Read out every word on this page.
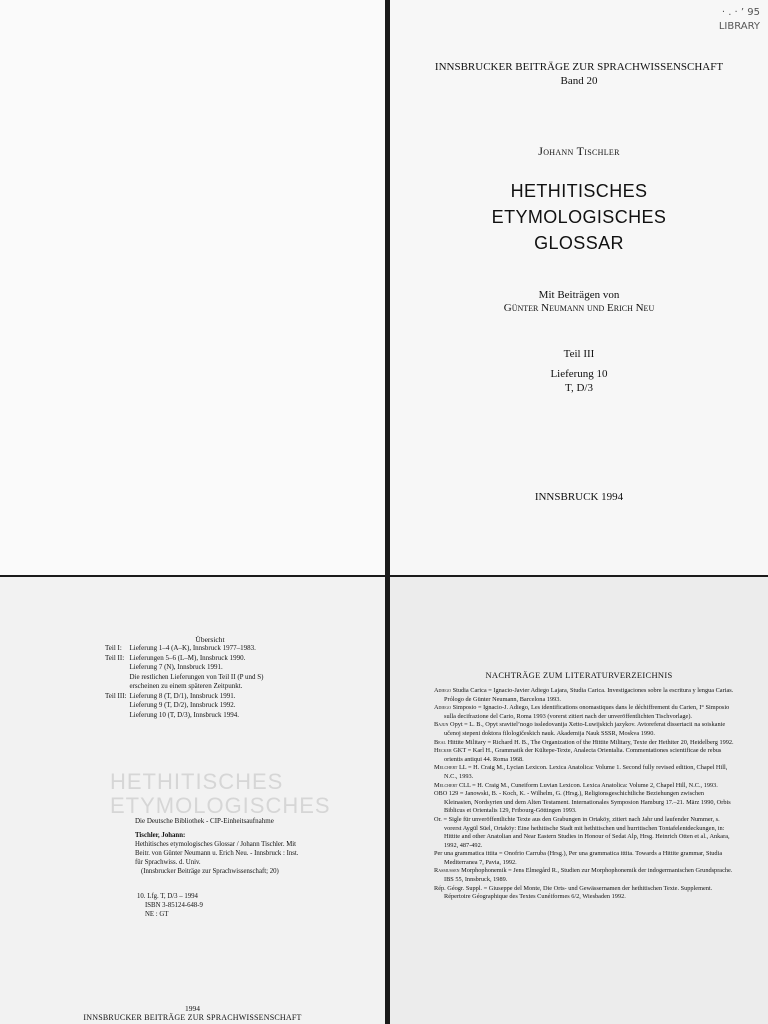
· . · ’ 95
LIBRARY
INNSBRUCKER BEITRÄGE ZUR SPRACHWISSENSCHAFT
Band 20
Johann Tischler
HETHITISCHES
ETYMOLOGISCHES
GLOSSAR
Mit Beiträgen von
Günter Neumann und Erich Neu
Teil III
Lieferung 10
T, D/3
INNSBRUCK 1994
Übersicht
Teil I:	Lieferung 1–4 (A–K), Innsbruck 1977–1983.
Teil II:	Lieferungen 5–6 (L–M), Innsbruck 1990.
	Lieferung 7 (N), Innsbruck 1991.
	Die restlichen Lieferungen von Teil II (P und S)
	erscheinen zu einem späteren Zeitpunkt.
Teil III:	Lieferung 8 (T, D/1), Innsbruck 1991.
	Lieferung 9 (T, D/2), Innsbruck 1992.
	Lieferung 10 (T, D/3), Innsbruck 1994.
HETHITISCHES
ETYMOLOGISCHES
Die Deutsche Bibliothek - CIP-Einheitsaufnahme
Tischler, Johann:
Hethitisches etymologisches Glossar / Johann Tischler. Mit
Beitr. von Günter Neumann u. Erich Neu. - Innsbruck : Inst.
für Sprachwiss. d. Univ.
(Innsbrucker Beiträge zur Sprachwissenschaft; 20)
10. Lfg. T, D/3 – 1994
ISBN 3-85124-648-9
NE : GT
1994
INNSBRUCKER BEITRÄGE ZUR SPRACHWISSENSCHAFT
NACHTRÄGE ZUM LITERATURVERZEICHNIS
Adiego Studia Carica = Ignacio-Javier Adiego Lajara, Studia Carica. Investigaciones sobre la escritura y lengua Carias. Prólogo de Günter Neumann, Barcelona 1993.
Adiego Simposio = Ignacio-J. Adiego, Les identifications onomastiques dans le déchiffrement du Carien, I° Simposio sulla decifrazione del Cario, Roma 1993 (vorerst zitiert nach der unveröffentlichten Tischvorlage).
Bajun Opyt = L. B., Opyt sravitel’nogo issledovanija Xetto-Luwijskich jazykov. Avtoreferat dissertacii na soiskanie učenoj stepeni doktora filologičeskich nauk. Akademija Nauk SSSR, Moskva 1990.
Beal Hittite Military = Richard H. B., The Organization of the Hittite Military, Texte der Hethiter 20, Heidelberg 1992.
Hecker GKT = Karl H., Grammatik der Kültepe-Texte, Analecta Orientalia. Commentationes scientificae de rebus orientis antiqui 44. Roma 1968.
Melchert LL = H. Craig M., Lycian Lexicon. Lexica Anatolica: Volume 1. Second fully revised edition, Chapel Hill, N.C., 1993.
Melchert CLL = H. Craig M., Cuneiform Luvian Lexicon. Lexica Anatolica: Volume 2, Chapel Hill, N.C., 1993.
OBO 129 = Janowski, B. - Koch, K. - Wilhelm, G. (Hrsg.), Religionsgeschichtliche Beziehungen zwischen Kleinasien, Nordsyrien und dem Alten Testament. Internationales Symposion Hamburg 17.–21. März 1990, Orbis Biblicus et Orientalis 129, Fribourg-Göttingen 1993.
Or. = Sigle für unveröffentlichte Texte aus den Grabungen in Ortaköy, zitiert nach Jahr und laufender Nummer, s. vorerst Aygül Süel, Ortaköy: Eine hethitische Stadt mit hethitischen und hurritischen Tontafelentdeckungen, in: Hittite and other Anatolian and Near Eastern Studies in Honour of Sedat Alp, Hrsg. Heinrich Otten et al., Ankara, 1992, 487-492.
Per una grammatica ittita = Onofrio Carruba (Hrsg.), Per una grammatica ittita. Towards a Hittite grammar, Studia Mediterranea 7, Pavia, 1992.
Rasmussen Morphophonemik = Jens Elmegård R., Studien zur Morphophonemik der indogermanischen Grundsprache. IBS 55, Innsbruck, 1989.
Rép. Géogr. Suppl. = Giuseppe del Monte, Die Orts- und Gewässernamen der hethitischen Texte. Supplement. Répertoire Géographique des Textes Cunéiformes 6/2, Wiesbaden 1992.
